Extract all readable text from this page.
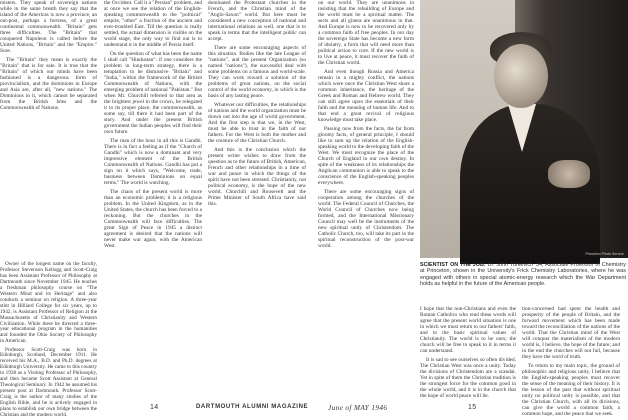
misters. They speak of sovereign nations while in the same breath they say that the island of the Americas is now a province, an out-post, perhaps a fortress, of a great continental commonwealth. "Britain" gets three difficulties. The "Britain" that conquered Napoleon is called before the United Nations, "Britain" and the "Empire." Sure.

The "Britain" they mean is exactly the "Britain" that is for sale. It is true that the "Britain" of which our minds have been fashioned is a dangerous form of provincialism, and the dominions in Europe and Asia are, after all, "new nations." The Dominions in it, which cannot be separated from the British Isles and the Commonwealth of Nations.

Owner of the longest name on the faculty, Professor Stevenson Kellogg and Scott-Craig has been Assistant Professor of Philosophy at Dartmouth since November 1945. He teaches a freshman philosophy course on "The Western Mind and its Heritage" and also conducts a seminar on religion. A three-year stint in Hilliard College for six years, up to 1942, is Assistant Professor of Religion at the Massachusetts of Christianity and Western Civilization. While there he directed a three-year educational program in the humanities and founded the Ohio Society of Philosophy in American.

Professor Scott-Craig was born in Edinburgh, Scotland, December 1911. He received his M.A., B.D. and Ph.D. degrees at Edinburgh University. He came to this country in 1938 as a Visiting Professor of Philosophy, and then became Scott Assistant at General Theological Seminary. In 1942 he assumed his present post at Dartmouth. Professor Scott-Craig is the author of many studies of the English Bible, and he is actively engaged in plans to establish our own bridge between the Christian and the modern world.

the Occident. Call it a "Persian" problem, and at once we see the relation of the English-speaking commonwealth to the "political" empire, "other" a fraction of the ancient and ever-troubled East. Till the question is really settled, the actual dimension is visible on the world stage, the only way to find out is to understand it in the middle of Persia itself.

On the question of what has been the name I shall call "Hindustan": if one considers the problem in long-term strategy, there is a temptation to be dismissive "Britain" and "India," within the framework of the British Commonwealth of Nations, with the emerging problem of national "Pakistan." But when Mr. Churchill referred to that area as the brightest jewel in the crown, he relegated it to its proper place, the commonwealth, as some say, till there it had been part of the story. And under the present British government the Indian peoples will find their own future.

The man of the hour in all this is Gandhi. There is in fact a feeling as if the "Church of Gandhi" which is now a dominant and very impressive element of the British Commonwealth of Nations. Gandhi has put a sign on it which says, "Welcome, trade, business between Dominions on equal terms." The world is watching.

The chaos of the present world is more than an economic problem; it is a religious problem. In the United Kingdom, as in the United States, the church has been forced to a reckoning. But the churches in the Commonwealth will face difficulties. The great Sign of Peace in 1945 a distinct agreement is desired that the nations will never make war again, with the American West.

dominated the Protestant churches in the French, and the Christian mind of the "Anglo-Saxon" world. But here must be considered a new conception of national and international relations as well, one that is to speak in terms that the intelligent public can accept.

There are some encouraging aspects of this situation. Bodies like the late League of "nations", and the present Organization (so named "nations"), the successful deal with some problems on a famous and world-scale. They can work toward a solution of the problems of great nations, on the social control of the world economy, in which is the basis of any lasting peace.

Whatever our difficulties, the relationships of nations and the world organization must be drawn out into the age of world government. And the first step is that we, in the West, must be able to trust in the faith of our fathers. For the West is both the mother and the creature of the Christian Church.

And this is the conclusion which the present writer wishes to draw from the question as to the future of British, American, French and other relationships in a time of war and peace in which the things of the spirit have not been stressed. Christianity, not political economy, is the hope of the new world. Churchill and Roosevelt and the Prime Minister of South Africa have said this.

on our world. They are unanimous in insisting that the rebuilding of Europe and the world must be a spiritual matter. The sects and all ginera are unanimous in that. And Europe is now to be recovered only by a common faith of free peoples. In our day the sovereign State has become a new form of idolatry, a form that will need more than political action to cure. If the new world is to live at peace, it must recover the faith of the Christian world.

And even though Russia and America remain in a mighty conflict, the nations which were once the Christian West share a common inheritance, the heritage of the Greek and Roman and Hebrew world. They can still agree upon the essentials of their faith and the meaning of human life. And to that end a great revival of religious knowledge must take place.

Passing now from the facts, the far from gloomy facts, of general principle, I should like to sum up the relation of the English-speaking world to the developing faith of the West. We must recognize the place of the Church of England in our own destiny. In spite of the weakness of its relationships the Anglican communion is able to speak to the conscience of the English-speaking peoples everywhere.

There are some encouraging signs of cooperation among the churches of the world. The Federal Council of Churches, the World Council of Churches now being formed, and the International Missionary Council may well be the instruments of the new spiritual unity of Christendom. The Catholic Church, too, will take its part in the spiritual reconstruction of the post-war world.

Princeton Photo Service
SCIENTIST ON THE JOB: Dr. John Turkevich '34, Associate Professor of Chemistry at Princeton, shown in the University's Frick Chemistry Laboratories, where he was engaged with others in special atomic-energy research which the War Department holds as helpful in the future of the American people.

I hope that the non-Christians and even the Roman Catholics who read these words will agree that the present world situation is one in which we must return to our fathers' faith, and to the basic spiritual values of Christianity. The world is to be ours; the church will be free to speak to it in terms it can understand.

It is sad to see ourselves so often divided. The Christian West was once a unity. Today the divisions of Christendom are a scandal. Yet in spite of them the Christian tradition is the strongest force for the common good in the whole world, and it is in the church that the hope of world peace will lie.

tion-concerned had spent the health and prosperity of the people of Britain, and the forward movement which has been made toward the reconciliation of the nations of the world. That the Christian mind of the West will conquer the materialism of the modern world is, I believe, the hope of the future; and in the end the churches will not fail, because they have the word of truth.

To return to my main topic, the ground of philosophic and religious unity, I believe that the English-speaking peoples must recover the sense of the meaning of their history. It is the lesson of the past that without spiritual unity no political unity is possible, and that the Christian Church, with all its divisions, can give the world a common faith, a common hope, and the peace that we seek.

14	DARTMOUTH ALUMNI MAGAZINE	June of MAY 1946	15
